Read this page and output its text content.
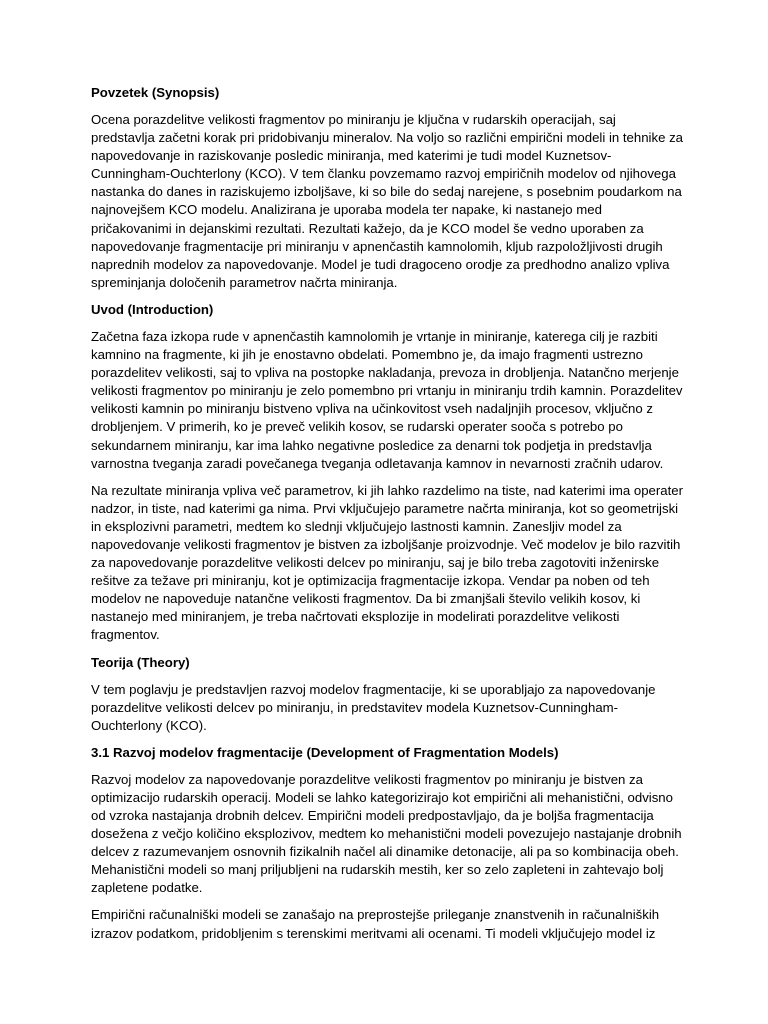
Povzetek (Synopsis)

Ocena porazdelitve velikosti fragmentov po miniranju je ključna v rudarskih operacijah, saj predstavlja začetni korak pri pridobivanju mineralov. Na voljo so različni empirični modeli in tehnike za napovedovanje in raziskovanje posledic miniranja, med katerimi je tudi model Kuznetsov-Cunningham-Ouchterlony (KCO). V tem članku povzemamo razvoj empiričnih modelov od njihovega nastanka do danes in raziskujemo izboljšave, ki so bile do sedaj narejene, s posebnim poudarkom na najnovejšem KCO modelu. Analizirana je uporaba modela ter napake, ki nastanejo med pričakovanimi in dejanskimi rezultati. Rezultati kažejo, da je KCO model še vedno uporaben za napovedovanje fragmentacije pri miniranju v apnenčastih kamnolomih, kljub razpoložljivosti drugih naprednih modelov za napovedovanje. Model je tudi dragoceno orodje za predhodno analizo vpliva spreminjanja določenih parametrov načrta miniranja.

Uvod (Introduction)

Začetna faza izkopa rude v apnenčastih kamnolomih je vrtanje in miniranje, katerega cilj je razbiti kamnino na fragmente, ki jih je enostavno obdelati. Pomembno je, da imajo fragmenti ustrezno porazdelitev velikosti, saj to vpliva na postopke nakladanja, prevoza in drobljenja. Natančno merjenje velikosti fragmentov po miniranju je zelo pomembno pri vrtanju in miniranju trdih kamnin. Porazdelitev velikosti kamnin po miniranju bistveno vpliva na učinkovitost vseh nadaljnjih procesov, vključno z drobljenjem. V primerih, ko je preveč velikih kosov, se rudarski operater sooča s potrebo po sekundarnem miniranju, kar ima lahko negativne posledice za denarni tok podjetja in predstavlja varnostna tveganja zaradi povečanega tveganja odletavanja kamnov in nevarnosti zračnih udarov.

Na rezultate miniranja vpliva več parametrov, ki jih lahko razdelimo na tiste, nad katerimi ima operater nadzor, in tiste, nad katerimi ga nima. Prvi vključujejo parametre načrta miniranja, kot so geometrijski in eksplozivni parametri, medtem ko slednji vključujejo lastnosti kamnin. Zanesljiv model za napovedovanje velikosti fragmentov je bistven za izboljšanje proizvodnje. Več modelov je bilo razvitih za napovedovanje porazdelitve velikosti delcev po miniranju, saj je bilo treba zagotoviti inženirske rešitve za težave pri miniranju, kot je optimizacija fragmentacije izkopa. Vendar pa noben od teh modelov ne napoveduje natančne velikosti fragmentov. Da bi zmanjšali število velikih kosov, ki nastanejo med miniranjem, je treba načrtovati eksplozije in modelirati porazdelitve velikosti fragmentov.

Teorija (Theory)

V tem poglavju je predstavljen razvoj modelov fragmentacije, ki se uporabljajo za napovedovanje porazdelitve velikosti delcev po miniranju, in predstavitev modela Kuznetsov-Cunningham-Ouchterlony (KCO).

3.1 Razvoj modelov fragmentacije (Development of Fragmentation Models)

Razvoj modelov za napovedovanje porazdelitve velikosti fragmentov po miniranju je bistven za optimizacijo rudarskih operacij. Modeli se lahko kategorizirajo kot empirični ali mehanistični, odvisno od vzroka nastajanja drobnih delcev. Empirični modeli predpostavljajo, da je boljša fragmentacija dosežena z večjo količino eksplozivov, medtem ko mehanistični modeli povezujejo nastajanje drobnih delcev z razumevanjem osnovnih fizikalnih načel ali dinamike detonacije, ali pa so kombinacija obeh. Mehanistični modeli so manj priljubljeni na rudarskih mestih, ker so zelo zapleteni in zahtevajo bolj zapletene podatke.

Empirični računalniški modeli se zanašajo na preprostejše prileganje znanstvenih in računalniških izrazov podatkom, pridobljenim s terenskimi meritvami ali ocenami. Ti modeli vključujejo model iz
